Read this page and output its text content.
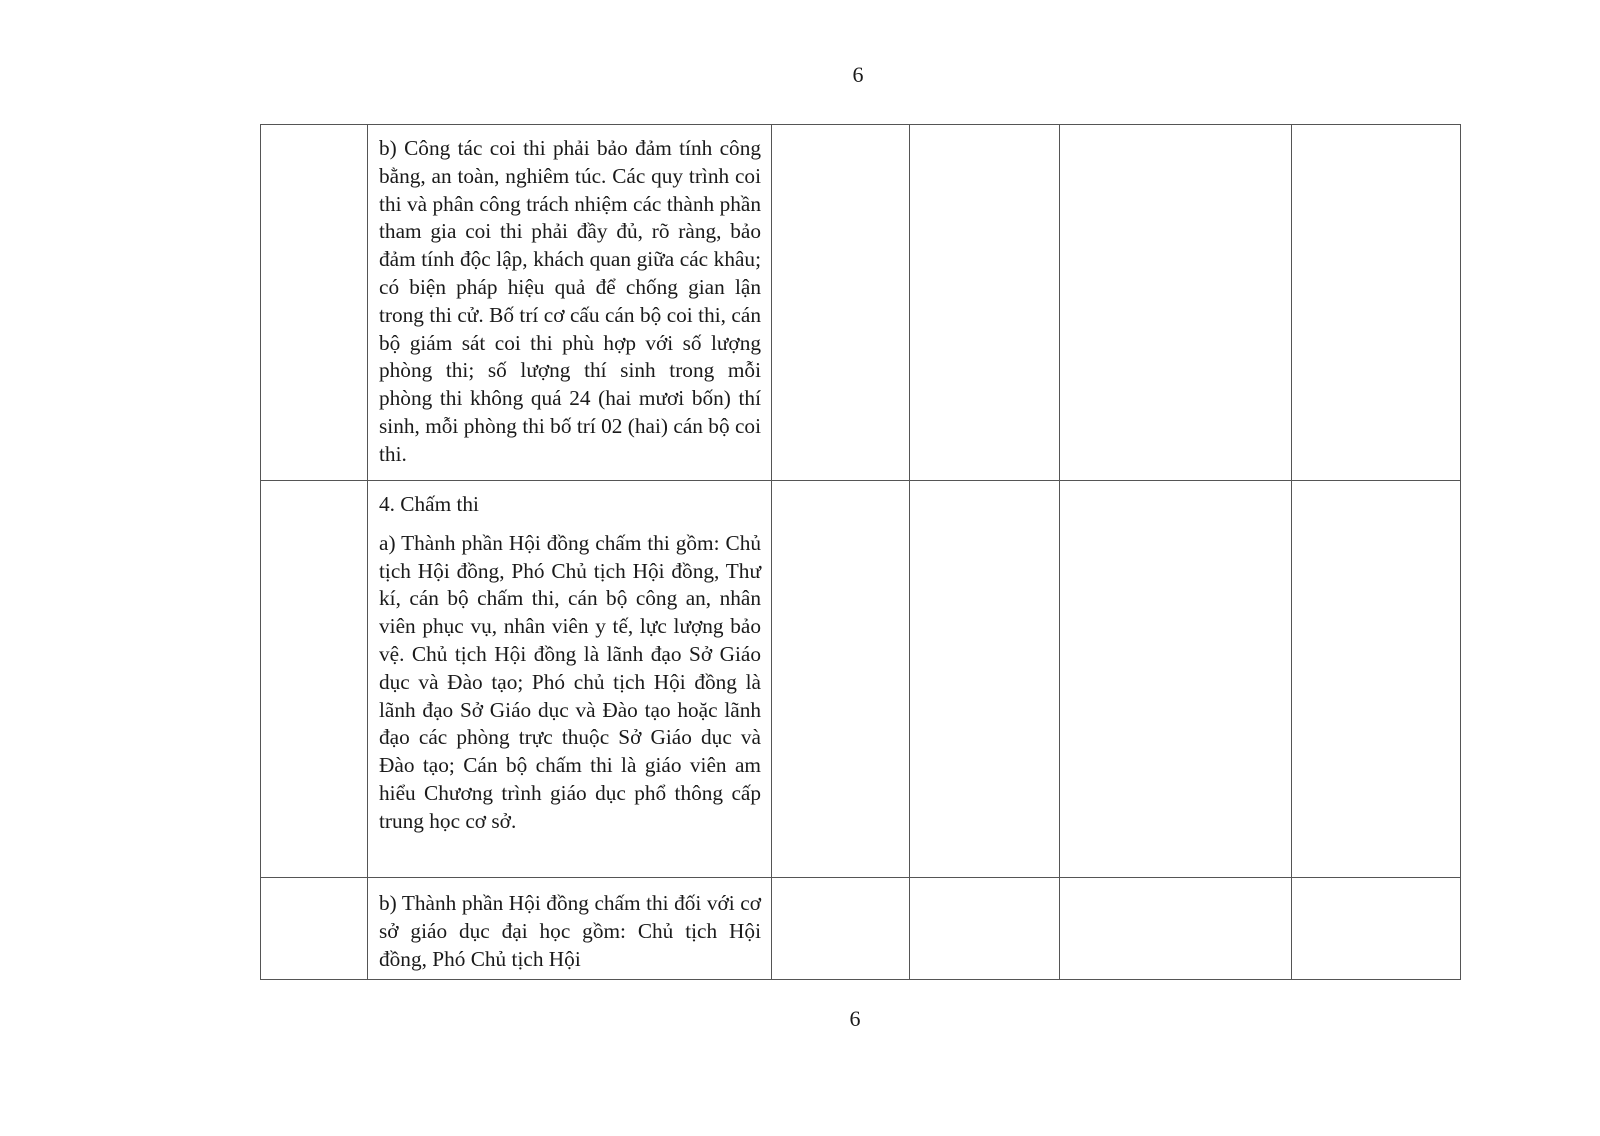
6

	b) Công tác coi thi phải bảo đảm tính công bằng, an toàn, nghiêm túc. Các quy trình coi thi và phân công trách nhiệm các thành phần tham gia coi thi phải đầy đủ, rõ ràng, bảo đảm tính độc lập, khách quan giữa các khâu; có biện pháp hiệu quả để chống gian lận trong thi cử. Bố trí cơ cấu cán bộ coi thi, cán bộ giám sát coi thi phù hợp với số lượng phòng thi; số lượng thí sinh trong mỗi phòng thi không quá 24 (hai mươi bốn) thí sinh, mỗi phòng thi bố trí 02 (hai) cán bộ coi thi.				

	4. Chấm thi

a) Thành phần Hội đồng chấm thi gồm: Chủ tịch Hội đồng, Phó Chủ tịch Hội đồng, Thư kí, cán bộ chấm thi, cán bộ công an, nhân viên phục vụ, nhân viên y tế, lực lượng bảo vệ. Chủ tịch Hội đồng là lãnh đạo Sở Giáo dục và Đào tạo; Phó chủ tịch Hội đồng là lãnh đạo Sở Giáo dục và Đào tạo hoặc lãnh đạo các phòng trực thuộc Sở Giáo dục và Đào tạo; Cán bộ chấm thi là giáo viên am hiểu Chương trình giáo dục phổ thông cấp trung học cơ sở.				

	b) Thành phần Hội đồng chấm thi đối với cơ sở giáo dục đại học gồm: Chủ tịch Hội đồng, Phó Chủ tịch Hội				

6
